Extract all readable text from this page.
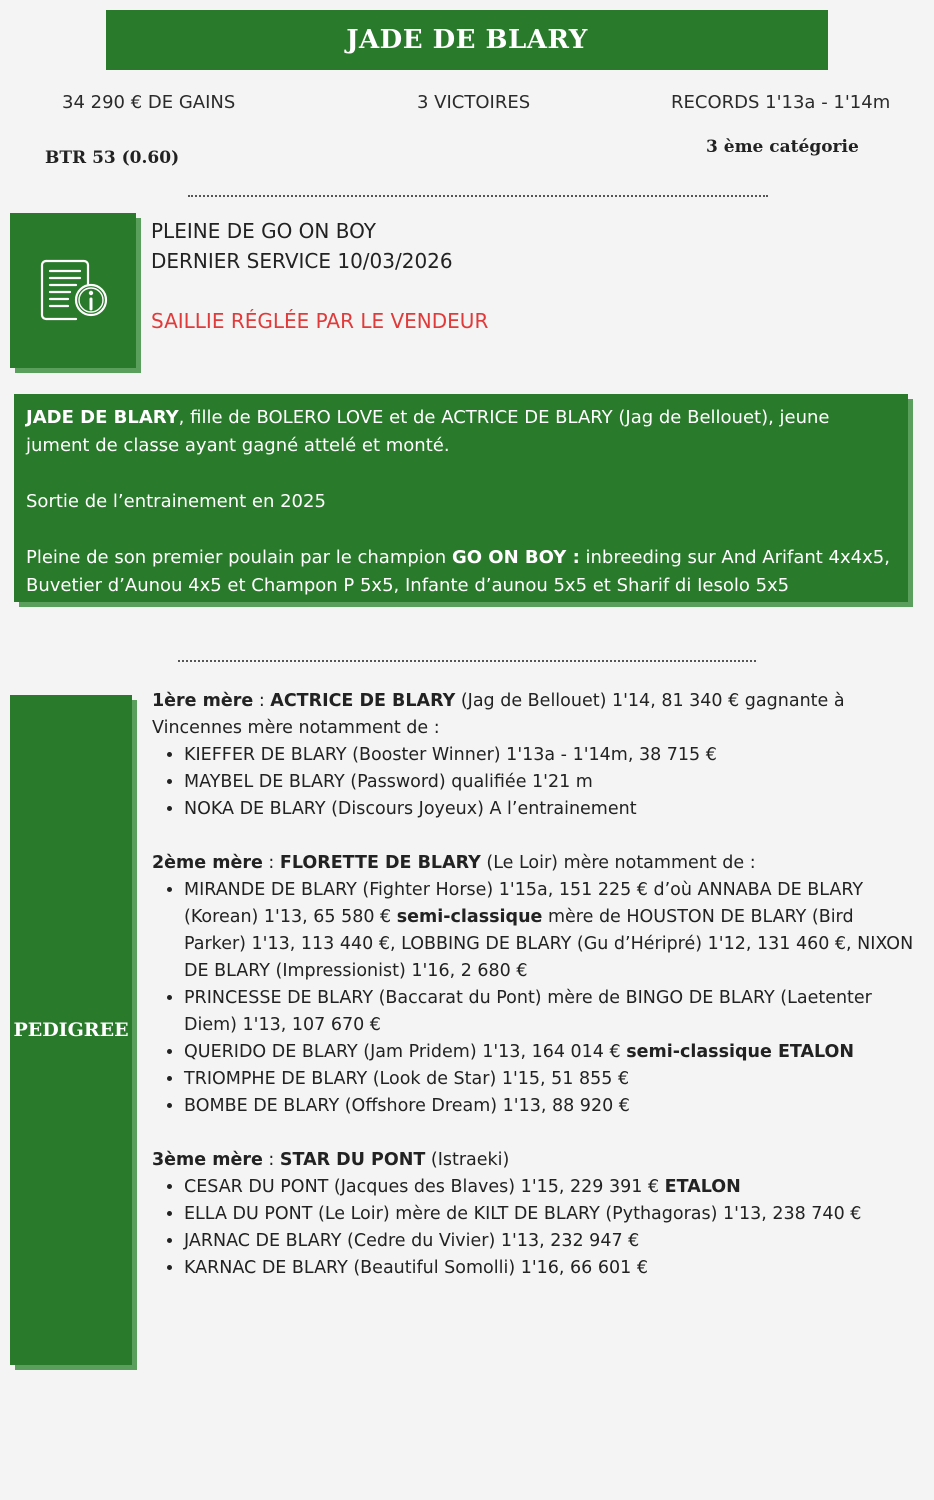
JADE DE BLARY
34 290 € DE GAINS	3 VICTOIRES	RECORDS 1'13a - 1'14m
BTR 53 (0.60)
3 ème catégorie
PLEINE DE GO ON BOY
DERNIER SERVICE 10/03/2026
SAILLIE RÉGLÉE PAR LE VENDEUR

JADE DE BLARY, fille de BOLERO LOVE et de ACTRICE DE BLARY (Jag de Bellouet), jeune jument de classe ayant gagné attelé et monté.

Sortie de l’entrainement en 2025

Pleine de son premier poulain par le champion GO ON BOY : inbreeding sur And Arifant 4x4x5, Buvetier d’Aunou 4x5 et Champon P 5x5, Infante d’aunou 5x5 et Sharif di Iesolo 5x5

PEDIGREE

1ère mère : ACTRICE DE BLARY (Jag de Bellouet) 1'14, 81 340 € gagnante à Vincennes mère notamment de :

• KIEFFER DE BLARY (Booster Winner) 1'13a - 1'14m, 38 715 €
• MAYBEL DE BLARY (Password) qualifiée 1'21 m
• NOKA DE BLARY (Discours Joyeux) A l’entrainement

2ème mère : FLORETTE DE BLARY (Le Loir) mère notamment de :

• MIRANDE DE BLARY (Fighter Horse) 1'15a, 151 225 € d’où ANNABA DE BLARY (Korean) 1'13, 65 580 € semi-classique mère de HOUSTON DE BLARY (Bird Parker) 1'13, 113 440 €, LOBBING DE BLARY (Gu d’Héripré) 1'12, 131 460 €, NIXON DE BLARY (Impressionist) 1'16, 2 680 €
• PRINCESSE DE BLARY (Baccarat du Pont) mère de BINGO DE BLARY (Laetenter Diem) 1'13, 107 670 €
• QUERIDO DE BLARY (Jam Pridem) 1'13, 164 014 € semi-classique ETALON
• TRIOMPHE DE BLARY (Look de Star) 1'15, 51 855 €
• BOMBE DE BLARY (Offshore Dream) 1'13, 88 920 €

3ème mère : STAR DU PONT (Istraeki)

• CESAR DU PONT (Jacques des Blaves) 1'15, 229 391 € ETALON
• ELLA DU PONT (Le Loir) mère de KILT DE BLARY (Pythagoras) 1'13, 238 740 €
• JARNAC DE BLARY (Cedre du Vivier) 1'13, 232 947 €
• KARNAC DE BLARY (Beautiful Somolli) 1'16, 66 601 €
